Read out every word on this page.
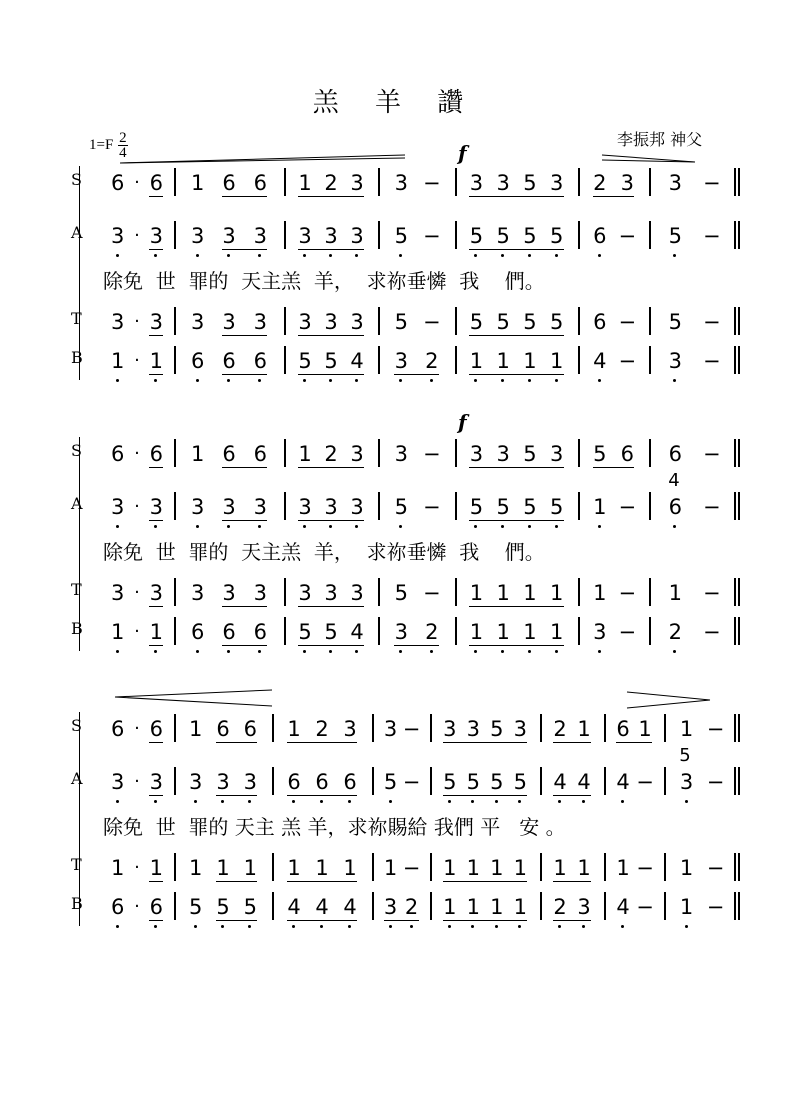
羔 羊 讚
$1=F \frac{2}{4}$	李振邦 神父
f
f
S 6 · 6 1 6 6 1 2 3 3 − 3 3 5 3 2 3 3 −
A 3 · 3 3 3 3 3 3 3 5 − 5 5 5 5 6 − 5 −
除免  世  罪的  天主羔  羊，  求祢垂憐  我    們。
T 3 · 3 3 3 3 3 3 3 5 − 5 5 5 5 6 − 5 −
B 1 · 1 6 6 6 5 5 4 3 2 1 1 1 1 4 − 3 −
S 6 · 6 1 6 6 1 2 3 3 − 3 3 5 3 5 6 6 −
A 3 · 3 3 3 3 3 3 3 5 − 5 5 5 5 1 − 6 −
除免  世  罪的  天主羔  羊，  求祢垂憐  我    們。
T 3 · 3 3 3 3 3 3 3 5 − 1 1 1 1 1 − 1 −
B 1 · 1 6 6 6 5 5 4 3 2 1 1 1 1 3 − 2 −
4
S 6 · 6 1 6 6 1 2 3 3 − 3 3 5 3 2 1 6 1 1 −
A 3 · 3 3 3 3 6 6 6 5 − 5 5 5 5 4 4 4 − 3 −
除免  世  罪的 天主 羔 羊，求祢賜給 我們 平   安 。
T 1 · 1 1 1 1 1 1 1 1 − 1 1 1 1 1 1 1 − 1 −
B 6 · 6 5 5 5 4 4 4 3 2 1 1 1 1 2 3 4 − 1 −
5
